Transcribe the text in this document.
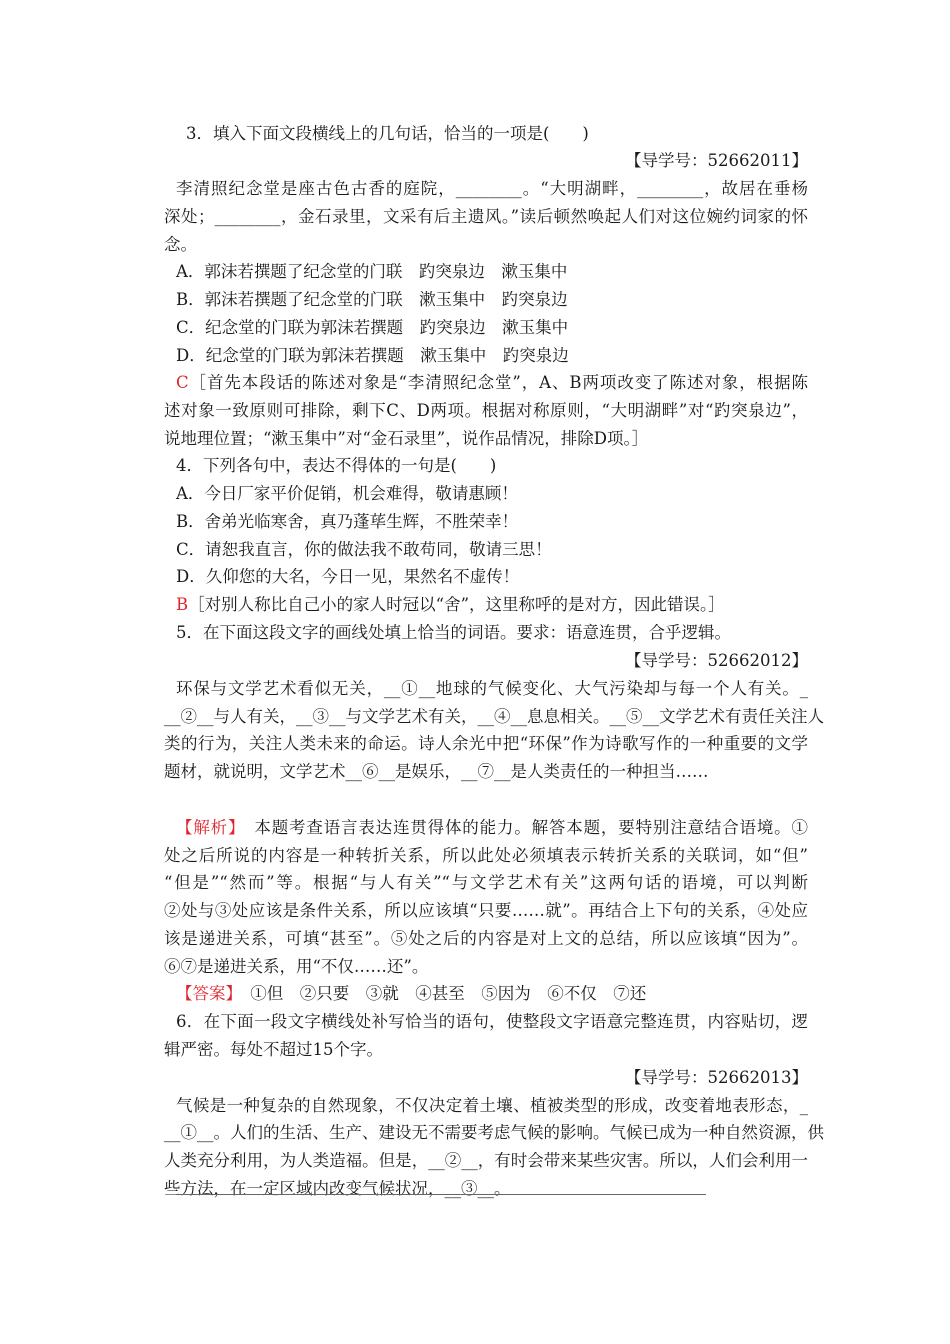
3．填入下面文段横线上的几句话，恰当的一项是(　　)
【导学号：52662011】
李清照纪念堂是座古色古香的庭院，________。“大明湖畔，________，故居在垂杨
深处；________，金石录里，文采有后主遗风。”读后顿然唤起人们对这位婉约词家的怀
念。
A．郭沫若撰题了纪念堂的门联　趵突泉边　漱玉集中
B．郭沫若撰题了纪念堂的门联　漱玉集中　趵突泉边
C．纪念堂的门联为郭沫若撰题　趵突泉边　漱玉集中
D．纪念堂的门联为郭沫若撰题　漱玉集中　趵突泉边
C［首先本段话的陈述对象是“李清照纪念堂”，A、B两项改变了陈述对象，根据陈
述对象一致原则可排除，剩下C、D两项。根据对称原则，“大明湖畔”对“趵突泉边”，
说地理位置；“漱玉集中”对“金石录里”，说作品情况，排除D项。］
4．下列各句中，表达不得体的一句是(　　)
A．今日厂家平价促销，机会难得，敬请惠顾！
B．舍弟光临寒舍，真乃蓬荜生辉，不胜荣幸！
C．请恕我直言，你的做法我不敢苟同，敬请三思！
D．久仰您的大名，今日一见，果然名不虚传！
B［对别人称比自己小的家人时冠以“舍”，这里称呼的是对方，因此错误。］
5．在下面这段文字的画线处填上恰当的词语。要求：语意连贯，合乎逻辑。
【导学号：52662012】
环保与文学艺术看似无关，__①__地球的气候变化、大气污染却与每一个人有关。_
__②__与人有关，__③__与文学艺术有关，__④__息息相关。__⑤__文学艺术有责任关注人
类的行为，关注人类未来的命运。诗人余光中把“环保”作为诗歌写作的一种重要的文学
题材，就说明，文学艺术__⑥__是娱乐，__⑦__是人类责任的一种担当……
【解析】　本题考查语言表达连贯得体的能力。解答本题，要特别注意结合语境。①
处之后所说的内容是一种转折关系，所以此处必须填表示转折关系的关联词，如“但”
“但是”“然而”等。根据“与人有关”“与文学艺术有关”这两句话的语境，可以判断
②处与③处应该是条件关系，所以应该填“只要……就”。再结合上下句的关系，④处应
该是递进关系，可填“甚至”。⑤处之后的内容是对上文的总结，所以应该填“因为”。
⑥⑦是递进关系，用“不仅……还”。
【答案】　①但　②只要　③就　④甚至　⑤因为　⑥不仅　⑦还
6．在下面一段文字横线处补写恰当的语句，使整段文字语意完整连贯，内容贴切，逻
辑严密。每处不超过15个字。
【导学号：52662013】
气候是一种复杂的自然现象，不仅决定着土壤、植被类型的形成，改变着地表形态，_
__①__。人们的生活、生产、建设无不需要考虑气候的影响。气候已成为一种自然资源，供
人类充分利用，为人类造福。但是，__②__，有时会带来某些灾害。所以，人们会利用一
些方法，在一定区域内改变气候状况，__③__。
